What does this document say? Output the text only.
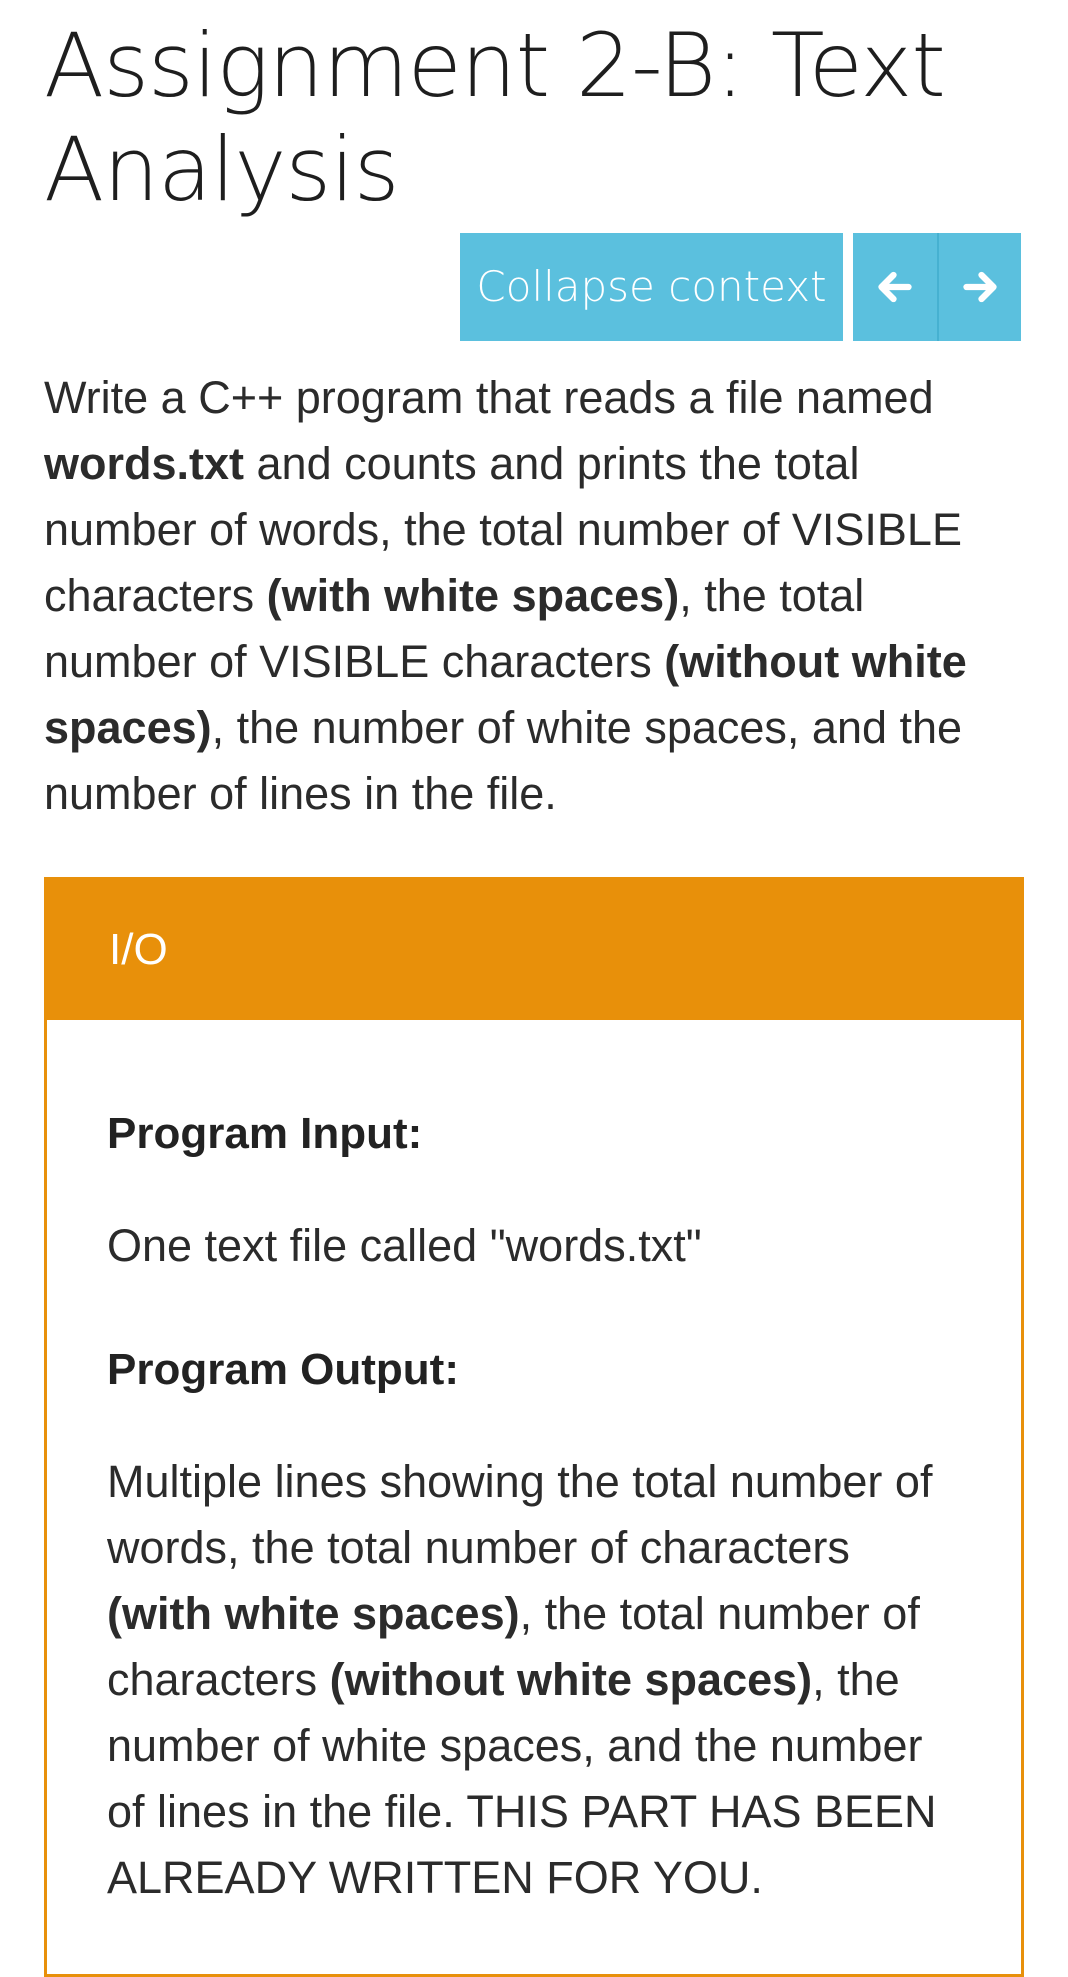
Assignment 2-B: Text Analysis
Collapse context

Write a C++ program that reads a file named words.txt and counts and prints the total number of words, the total number of VISIBLE characters (with white spaces), the total number of VISIBLE characters (without white spaces), the number of white spaces, and the number of lines in the file.

I/O
Program Input:

One text file called "words.txt"

Program Output:

Multiple lines showing the total number of words, the total number of characters (with white spaces), the total number of characters (without white spaces), the number of white spaces, and the number of lines in the file. THIS PART HAS BEEN ALREADY WRITTEN FOR YOU.
